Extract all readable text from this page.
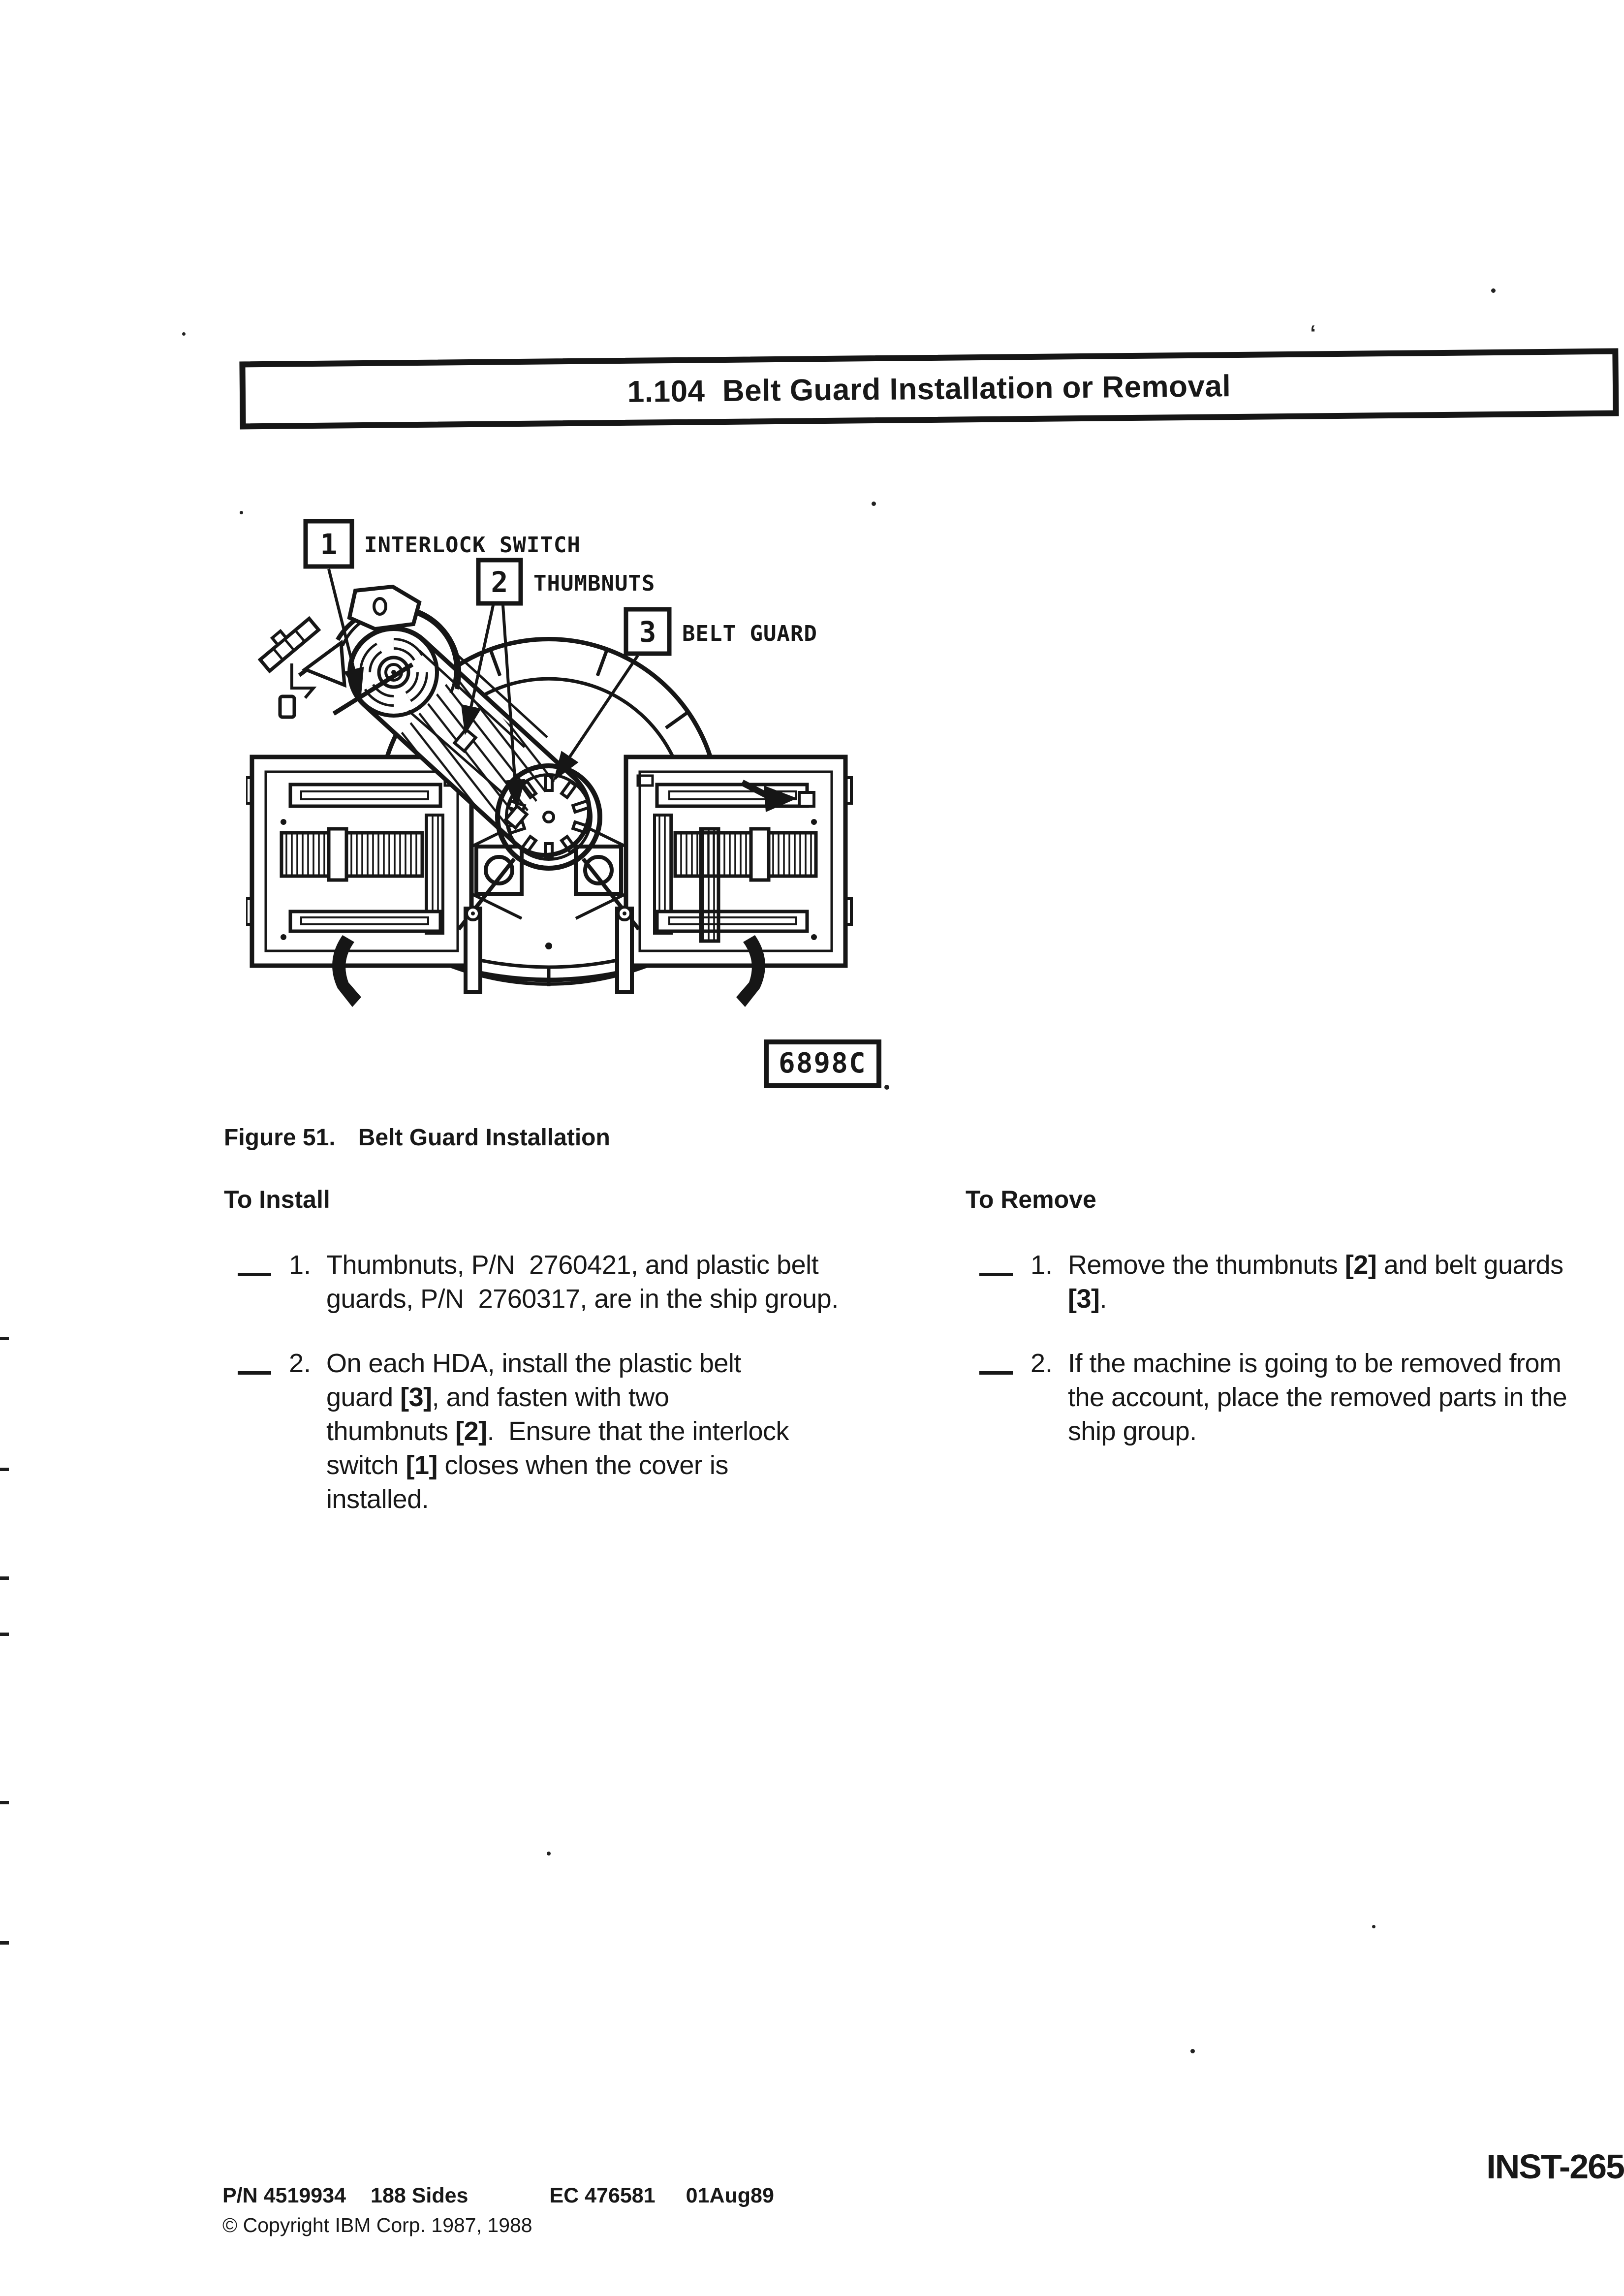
1.104  Belt Guard Installation or Removal
1 INTERLOCK SWITCH
2 THUMBNUTS
3 BELT GUARD
6898C
Figure 51. Belt Guard Installation
To Install
1. Thumbnuts, P/N  2760421, and plastic belt
guards, P/N  2760317, are in the ship group.
2. On each HDA, install the plastic belt
guard [3], and fasten with two
thumbnuts [2].  Ensure that the interlock
switch [1] closes when the cover is
installed.
To Remove
1. Remove the thumbnuts [2] and belt guards
[3].
2. If the machine is going to be removed from
the account, place the removed parts in the
ship group.
P/N 4519934 188 Sides	EC 476581 01Aug89
© Copyright IBM Corp. 1987, 1988
INST-265
‘
